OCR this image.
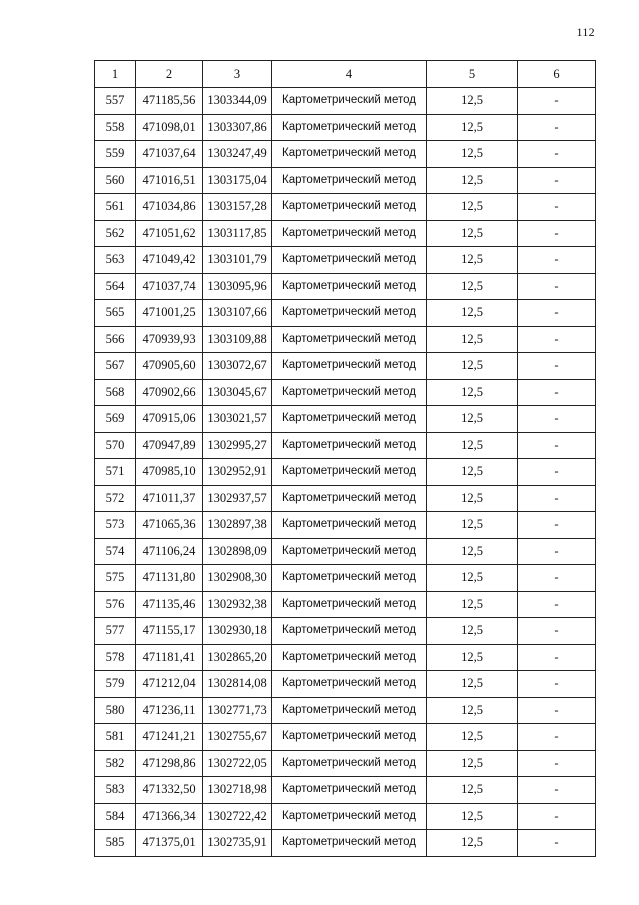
112
1	2	3	4	5	6
557	471185,56	1303344,09	Картометрический метод	12,5	-
558	471098,01	1303307,86	Картометрический метод	12,5	-
559	471037,64	1303247,49	Картометрический метод	12,5	-
560	471016,51	1303175,04	Картометрический метод	12,5	-
561	471034,86	1303157,28	Картометрический метод	12,5	-
562	471051,62	1303117,85	Картометрический метод	12,5	-
563	471049,42	1303101,79	Картометрический метод	12,5	-
564	471037,74	1303095,96	Картометрический метод	12,5	-
565	471001,25	1303107,66	Картометрический метод	12,5	-
566	470939,93	1303109,88	Картометрический метод	12,5	-
567	470905,60	1303072,67	Картометрический метод	12,5	-
568	470902,66	1303045,67	Картометрический метод	12,5	-
569	470915,06	1303021,57	Картометрический метод	12,5	-
570	470947,89	1302995,27	Картометрический метод	12,5	-
571	470985,10	1302952,91	Картометрический метод	12,5	-
572	471011,37	1302937,57	Картометрический метод	12,5	-
573	471065,36	1302897,38	Картометрический метод	12,5	-
574	471106,24	1302898,09	Картометрический метод	12,5	-
575	471131,80	1302908,30	Картометрический метод	12,5	-
576	471135,46	1302932,38	Картометрический метод	12,5	-
577	471155,17	1302930,18	Картометрический метод	12,5	-
578	471181,41	1302865,20	Картометрический метод	12,5	-
579	471212,04	1302814,08	Картометрический метод	12,5	-
580	471236,11	1302771,73	Картометрический метод	12,5	-
581	471241,21	1302755,67	Картометрический метод	12,5	-
582	471298,86	1302722,05	Картометрический метод	12,5	-
583	471332,50	1302718,98	Картометрический метод	12,5	-
584	471366,34	1302722,42	Картометрический метод	12,5	-
585	471375,01	1302735,91	Картометрический метод	12,5	-
